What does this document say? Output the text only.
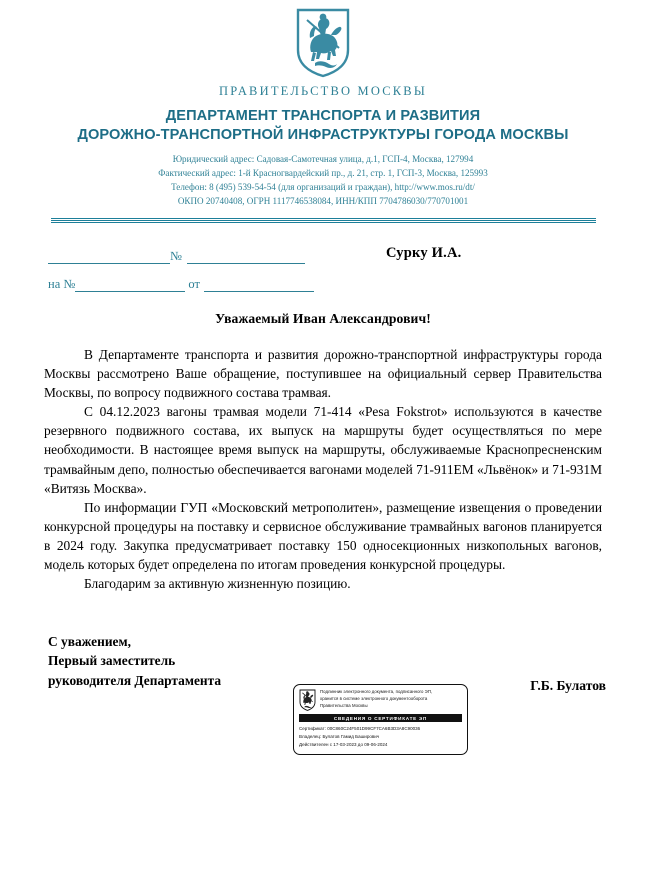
ПРАВИТЕЛЬСТВО МОСКВЫ
ДЕПАРТАМЕНТ ТРАНСПОРТА И РАЗВИТИЯ
ДОРОЖНО-ТРАНСПОРТНОЙ ИНФРАСТРУКТУРЫ ГОРОДА МОСКВЫ
Юридический адрес: Садовая-Самотечная улица, д.1, ГСП-4, Москва, 127994
Фактический адрес: 1-й Красногвардейский пр., д. 21, стр. 1, ГСП-3, Москва, 125993
Телефон: 8 (495) 539-54-54 (для организаций и граждан), http://www.mos.ru/dt/
ОКПО 20740408, ОГРН 1117746538084, ИНН/КПП 7704786030/770701001
№
на №	от
Сурку И.А.
Уважаемый Иван Александрович!

В Департаменте транспорта и развития дорожно-транспортной инфраструктуры города Москвы рассмотрено Ваше обращение, поступившее на официальный сервер Правительства Москвы, по вопросу подвижного состава трамвая.

С 04.12.2023 вагоны трамвая модели 71-414 «Pesa Fokstrot» используются в качестве резервного подвижного состава, их выпуск на маршруты будет осуществляться по мере необходимости. В настоящее время выпуск на маршруты, обслуживаемые Краснопресненским трамвайным депо, полностью обеспечивается вагонами моделей 71-911ЕМ «Львёнок» и 71-931М «Витязь Москва».

По информации ГУП «Московский метрополитен», размещение извещения о проведении конкурсной процедуры на поставку и сервисное обслуживание трамвайных вагонов планируется в 2024 году. Закупка предусматривает поставку 150 односекционных низкопольных вагонов, модель которых будет определена по итогам проведения конкурсной процедуры.

Благодарим за активную жизненную позицию.

С уважением,
Первый заместитель
руководителя Департамента	Г.Б. Булатов
Подлинник электронного документа, подписанного ЭП,
хранится в системе электронного документооборота
Правительства Москвы
СВЕДЕНИЯ О СЕРТИФИКАТЕ ЭП
Сертификат: 00C860C24F501D99CF7CA6B3D3A8C90036
Владелец: Булатов Гамид Баширович
Действителен с 17-03-2023 до 09-06-2024
